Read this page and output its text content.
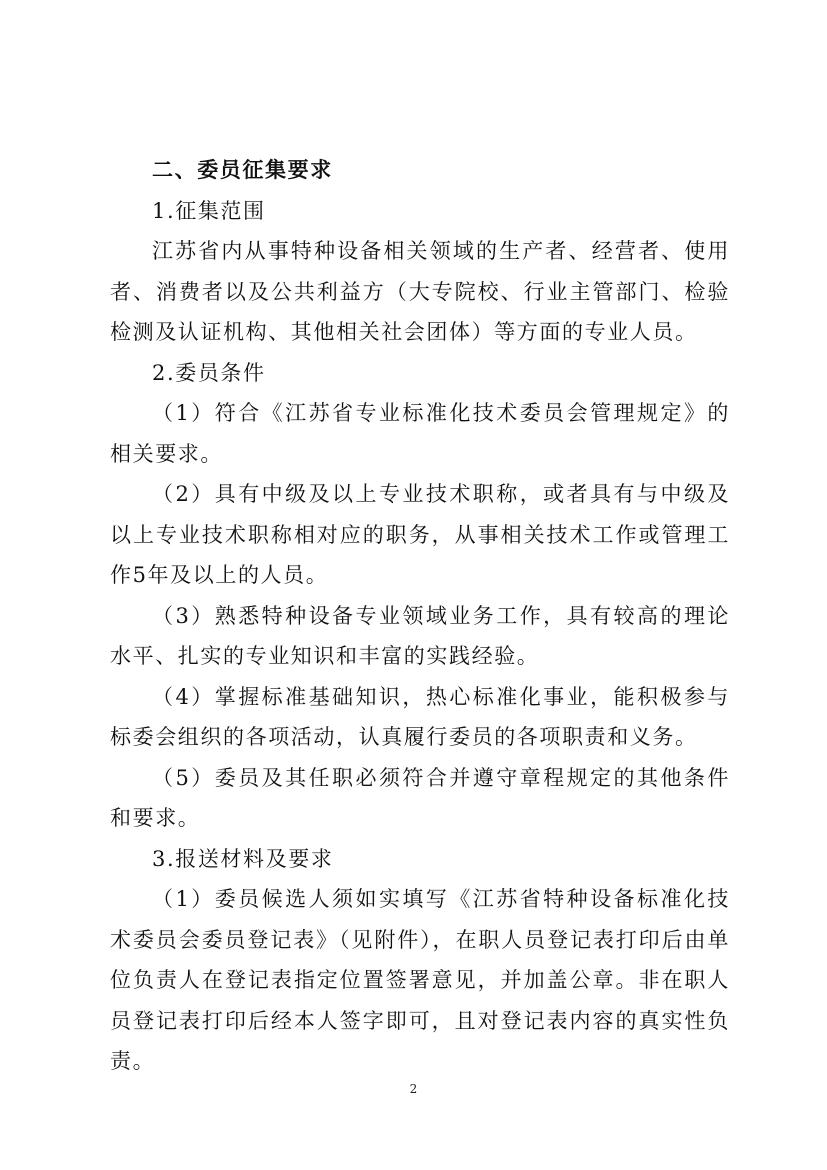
二、委员征集要求

1.征集范围

江苏省内从事特种设备相关领域的生产者、经营者、使用者、消费者以及公共利益方（大专院校、行业主管部门、检验检测及认证机构、其他相关社会团体）等方面的专业人员。

2.委员条件

（1）符合《江苏省专业标准化技术委员会管理规定》的相关要求。

（2）具有中级及以上专业技术职称，或者具有与中级及以上专业技术职称相对应的职务，从事相关技术工作或管理工作5年及以上的人员。

（3）熟悉特种设备专业领域业务工作，具有较高的理论水平、扎实的专业知识和丰富的实践经验。

（4）掌握标准基础知识，热心标准化事业，能积极参与标委会组织的各项活动，认真履行委员的各项职责和义务。

（5）委员及其任职必须符合并遵守章程规定的其他条件和要求。

3.报送材料及要求

（1）委员候选人须如实填写《江苏省特种设备标准化技术委员会委员登记表》（见附件），在职人员登记表打印后由单位负责人在登记表指定位置签署意见，并加盖公章。非在职人员登记表打印后经本人签字即可，且对登记表内容的真实性负责。

2
